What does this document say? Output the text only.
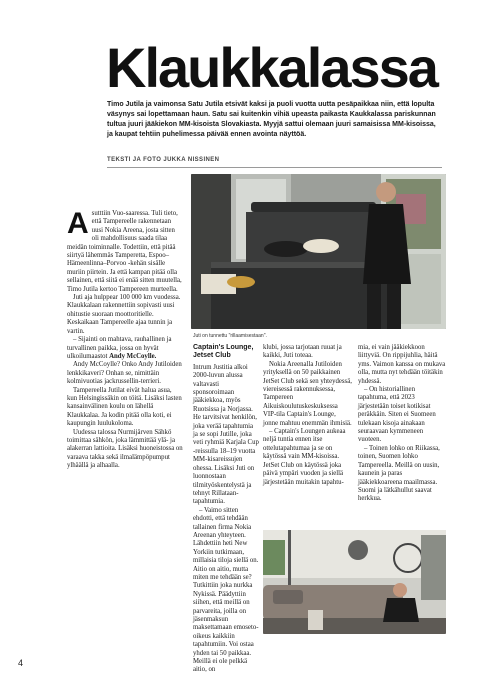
Klaukkalassa
Timo Jutila ja vaimonsa Satu Jutila etsivät kaksi ja puoli vuotta uutta pesäpaikkaa niin, että lopulta väsynys sai lopettamaan haun. Satu sai kuitenkin vihiä upeasta paikasta Kaukkalassa pariskunnan tultua juuri jääkiekon MM-kisoista Slovakiasta. Myyjä sattui olemaan juuri samaisissa MM-kisoissa, ja kaupat tehtiin puhelimessa päivää ennen avointa näyttöä.
TEKSTI JA FOTO JUKKA NISSINEN
Juti on tunnettu "rillaamisestaan".
A sutttiin Vuo-saaressa. Tuli tieto, että Tampereelle rakennetaan uusi Nokia Areena, josta sitten oli mahdollisuus saada tilaa meidän toiminnalle. Todettiin, että pitää siirtyä lähemmäs Tamperetta, Espoo–Hämeenlinna–Porvoo -kehän sisälle muriin piirtein. Ja että kampan pitää olla sellainen, että siitä ei enää sitten muutella, Timo Jutila kertoo Tampereen murteella.

Juti aja hulppear 100 000 km vuodessa. Klaukkalaan rakennettiin sopivasti uusi ohitustie suoraan moottoritielle. Keskaikaan Tampereelle ajaa tunnin ja vartin.

– Sijainti on mahtava, rauhallinen ja turvallinen paikka, jossa on hyvät ulkoilumaastot Andy McCoyllе.

Andy McCoylle? Onko Andy Jutiloiden lenkkikaveri? Onhan se, nimittäin kolmivuotias jackrussellin-terrieri.

Tampereella Jutilat eivät halua asua, kun Helsingissäkin on töitä. Lisäksi lasten kansainvälinen koulu on lähellä Klaukkalaa. Ja kodin pitää olla koti, ei kaupungin luulukoloma.

Uudessa talossa Nurmijärven Sähkö toimittaa sähkön, joka lämmittää ylä- ja alakerran lattioita. Lisäksi huoneistossa on varaava takka sekä ilmalämpöpumput ylhäällä ja alhaalla.

Captain's Lounge, Jetset Club

Intrum Justitia alkoi 2000-luvun alussa valtavasti sponsoroimaan jääkiekkoa, myös Ruotsissa ja Norjassa. He tarvitsivat henkilön, joka verää tapahtumia ja se sopi Jutille, joka veti ryhmiä Karjala Cup -reissulla 18–19 vuotta MM-kisareissujen ohessa. Lisäksi Juti on luonnostaan tilmityöskentelystä ja tehnyt Rillataan-tapahtumia.

– Vaimo sitten ehdotti, että tehdään tallainen firma Nokia Areenan yhteyteen. Lähdettiin heti New Yorkiin tutkimaan, millaisia tiloja siellä on. Aitio on aitio, mutta miten me tehdään se? Tutkittiin joka nurkka Nykissä. Päädyttiin siihen, että meillä on parvareita, joilla on jäsenmaksun maksettamaan emoseto-oikeus kaikkiin tapahtumiin. Voi ostaa yhden tai 50 paikkaa. Meillä ei ole pelkkä aitio, on

klubi, jossa tarjotaan ruuat ja kaikki, Juti toteaa.

Nokia Areenalla Jutiloiden yrityksellä on 50 paikkainen JetSet Club sekä sen yhteydessä, viereisessä rakennuksessa, Tampereen Aikuiskoulutuskeskuksessa VIP-tila Captain's Lounge, jonne mahtuu enemmän ihmisiä.

– Captain's Loungen aukeaa neljä tuntia ennen itse ottelutapahtumaa ja se on käytössä vain MM-kisoissa. JetSet Club on käytössä joka päivä ympäri vuoden ja siellä järjestetään muitakin tapahtu-

mia, ei vain jääkiekkoon liittyviä. On rippijuhlia, häitä yms. Vaimon kanssa on mukava olla, mutta nyt tehdään töitäkin yhdessä.

– On historiallinen tapahtuma, että 2023 järjestetään toiset kotikisat peräkkäin. Siten ei Suomeen tulekaan kisoja ainakaan seuraavaan kymmeneen vuoteen.

– Toinen lohko on Riikassa, toinen, Suomen lohko Tampereella. Meillä on uusin, kaunein ja paras jääkiekkoareena maailmassa. Suomi ja lätkähullut saavat herkkua.

4
